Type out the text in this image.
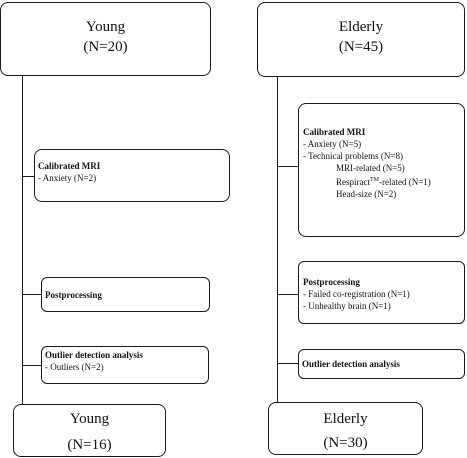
Young
(N=20)
Calibrated MRI
- Anxiety (N=2)
Postprocessing
Outlier detection analysis
- Outliers (N=2)
Young
(N=16)
Elderly
(N=45)
Calibrated MRI
- Anxiety (N=5)
- Technical problems (N=8)
MRI-related (N=5)
Respiract™-related (N=1)
Head-size (N=2)
Postprocessing
- Failed co-registration (N=1)
- Unhealthy brain (N=1)
Outlier detection analysis
Elderly
(N=30)
